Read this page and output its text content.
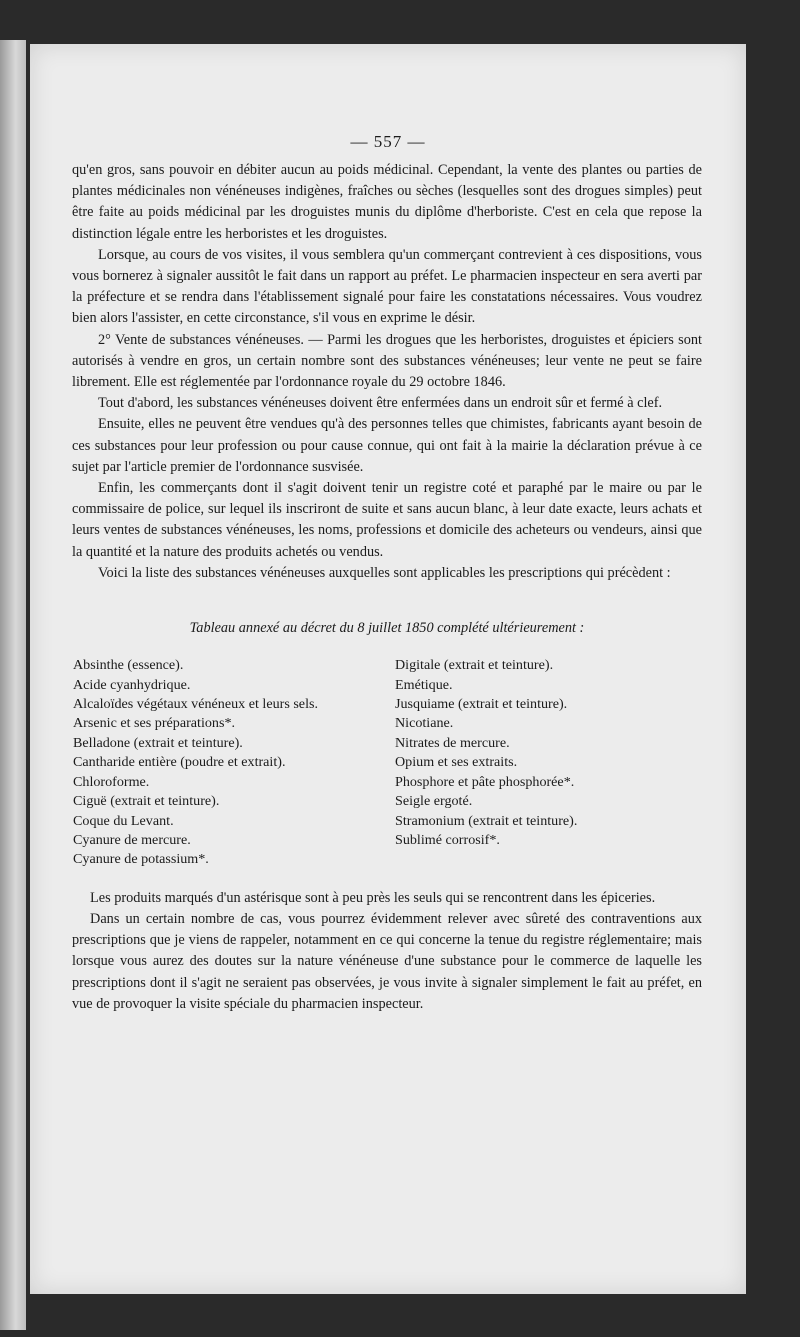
— 557 —

qu'en gros, sans pouvoir en débiter aucun au poids médicinal. Cependant, la vente des plantes ou parties de plantes médicinales non vénéneuses indigènes, fraîches ou sèches (lesquelles sont des drogues simples) peut être faite au poids médicinal par les droguistes munis du diplôme d'herboriste. C'est en cela que repose la distinction légale entre les herboristes et les droguistes.

Lorsque, au cours de vos visites, il vous semblera qu'un commerçant contrevient à ces dispositions, vous vous bornerez à signaler aussitôt le fait dans un rapport au préfet. Le pharmacien inspecteur en sera averti par la préfecture et se rendra dans l'établissement signalé pour faire les constatations nécessaires. Vous voudrez bien alors l'assister, en cette circonstance, s'il vous en exprime le désir.

2° Vente de substances vénéneuses. — Parmi les drogues que les herboristes, droguistes et épiciers sont autorisés à vendre en gros, un certain nombre sont des substances vénéneuses; leur vente ne peut se faire librement. Elle est réglementée par l'ordonnance royale du 29 octobre 1846.

Tout d'abord, les substances vénéneuses doivent être enfermées dans un endroit sûr et fermé à clef.

Ensuite, elles ne peuvent être vendues qu'à des personnes telles que chimistes, fabricants ayant besoin de ces substances pour leur profession ou pour cause connue, qui ont fait à la mairie la déclaration prévue à ce sujet par l'article premier de l'ordonnance susvisée.

Enfin, les commerçants dont il s'agit doivent tenir un registre coté et paraphé par le maire ou par le commissaire de police, sur lequel ils inscriront de suite et sans aucun blanc, à leur date exacte, leurs achats et leurs ventes de substances vénéneuses, les noms, professions et domicile des acheteurs ou vendeurs, ainsi que la quantité et la nature des produits achetés ou vendus.

Voici la liste des substances vénéneuses auxquelles sont applicables les prescriptions qui précèdent :

Tableau annexé au décret du 8 juillet 1850 complété ultérieurement :
Absinthe (essence).
Acide cyanhydrique.
Alcaloïdes végétaux vénéneux et leurs sels.
Arsenic et ses préparations*.
Belladone (extrait et teinture).
Cantharide entière (poudre et extrait).
Chloroforme.
Ciguë (extrait et teinture).
Coque du Levant.
Cyanure de mercure.
Cyanure de potassium*.
Digitale (extrait et teinture).
Emétique.
Jusquiame (extrait et teinture).
Nicotiane.
Nitrates de mercure.
Opium et ses extraits.
Phosphore et pâte phosphorée*.
Seigle ergoté.
Stramonium (extrait et teinture).
Sublimé corrosif*.

Les produits marqués d'un astérisque sont à peu près les seuls qui se rencontrent dans les épiceries.

Dans un certain nombre de cas, vous pourrez évidemment relever avec sûreté des contraventions aux prescriptions que je viens de rappeler, notamment en ce qui concerne la tenue du registre réglementaire; mais lorsque vous aurez des doutes sur la nature vénéneuse d'une substance pour le commerce de laquelle les prescriptions dont il s'agit ne seraient pas observées, je vous invite à signaler simplement le fait au préfet, en vue de provoquer la visite spéciale du pharmacien inspecteur.
